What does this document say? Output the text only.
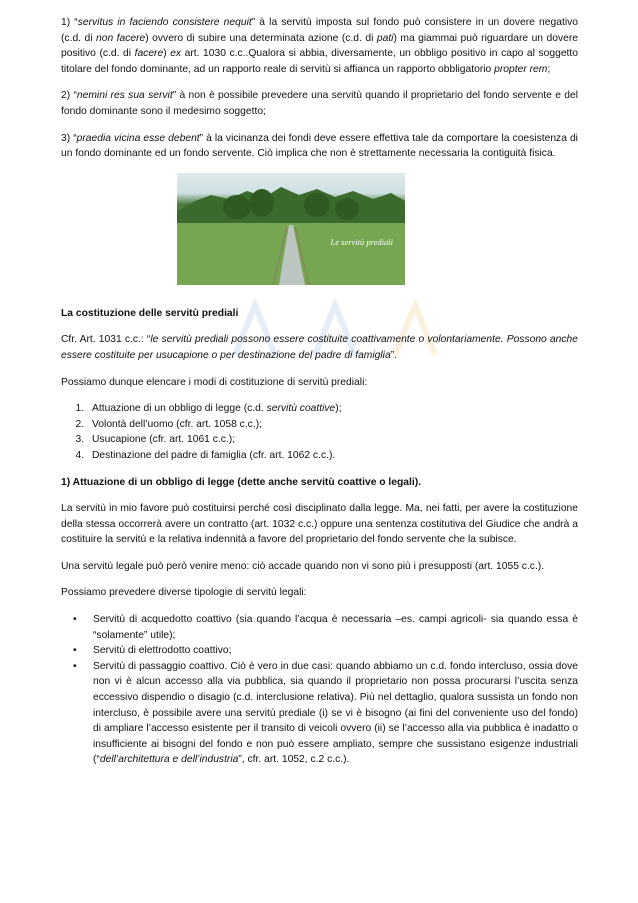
1) “servitus in faciendo consistere nequit” à la servitù imposta sul fondo può consistere in un dovere negativo (c.d. di non facere) ovvero di subire una determinata azione (c.d. di pati) ma giammai può riguardare un dovere positivo (c.d. di facere) ex art. 1030 c.c..Qualora si abbia, diversamente, un obbligo positivo in capo al soggetto titolare del fondo dominante, ad un rapporto reale di servitù si affianca un rapporto obbligatorio propter rem;

2) “nemini res sua servit” à non è possibile prevedere una servitù quando il proprietario del fondo servente e del fondo dominante sono il medesimo soggetto;

3) “praedia vicina esse debent” à la vicinanza dei fondi deve essere effettiva tale da comportare la coesistenza di un fondo dominante ed un fondo servente. Ciò implica che non è strettamente necessaria la contiguità fisica.

Le servitù prediali

La costituzione delle servitù prediali

Cfr. Art. 1031 c.c.: “le servitù prediali possono essere costituite coattivamente o volontariamente. Possono anche essere costituite per usucapione o per destinazione del padre di famiglia”.

Possiamo dunque elencare i modi di costituzione di servitù prediali:

1. Attuazione di un obbligo di legge (c.d. servitù coattive);
2. Volontà dell’uomo (cfr. art. 1058 c.c.);
3. Usucapione (cfr. art. 1061 c.c.);
4. Destinazione del padre di famiglia (cfr. art. 1062 c.c.).

1) Attuazione di un obbligo di legge (dette anche servitù coattive o legali).

La servitù in mio favore può costituirsi perché così disciplinato dalla legge. Ma, nei fatti, per avere la costituzione della stessa occorrerà avere un contratto (art. 1032 c.c.) oppure una sentenza costitutiva del Giudice che andrà a costituire la servitù e la relativa indennità a favore del proprietario del fondo servente che la subisce.

Una servitù legale può però venire meno: ciò accade quando non vi sono più i presupposti (art. 1055 c.c.).

Possiamo prevedere diverse tipologie di servitù legali:

• Servitù di acquedotto coattivo (sia quando l’acqua è necessaria –es. campi agricoli- sia quando essa è “solamente” utile);
• Servitù di elettrodotto coattivo;
• Servitù di passaggio coattivo. Ciò è vero in due casi: quando abbiamo un c.d. fondo intercluso, ossia dove non vi è alcun accesso alla via pubblica, sia quando il proprietario non possa procurarsi l’uscita senza eccessivo dispendio o disagio (c.d. interclusione relativa). Più nel dettaglio, qualora sussista un fondo non intercluso, è possibile avere una servitù prediale (i) se vi è bisogno (ai fini del conveniente uso del fondo) di ampliare l’accesso esistente per il transito di veicoli ovvero (ii) se l’accesso alla via pubblica è inadatto o insufficiente ai bisogni del fondo e non può essere ampliato, sempre che sussistano esigenze industriali (“dell’architettura e dell’industria”, cfr. art. 1052, c.2 c.c.).
